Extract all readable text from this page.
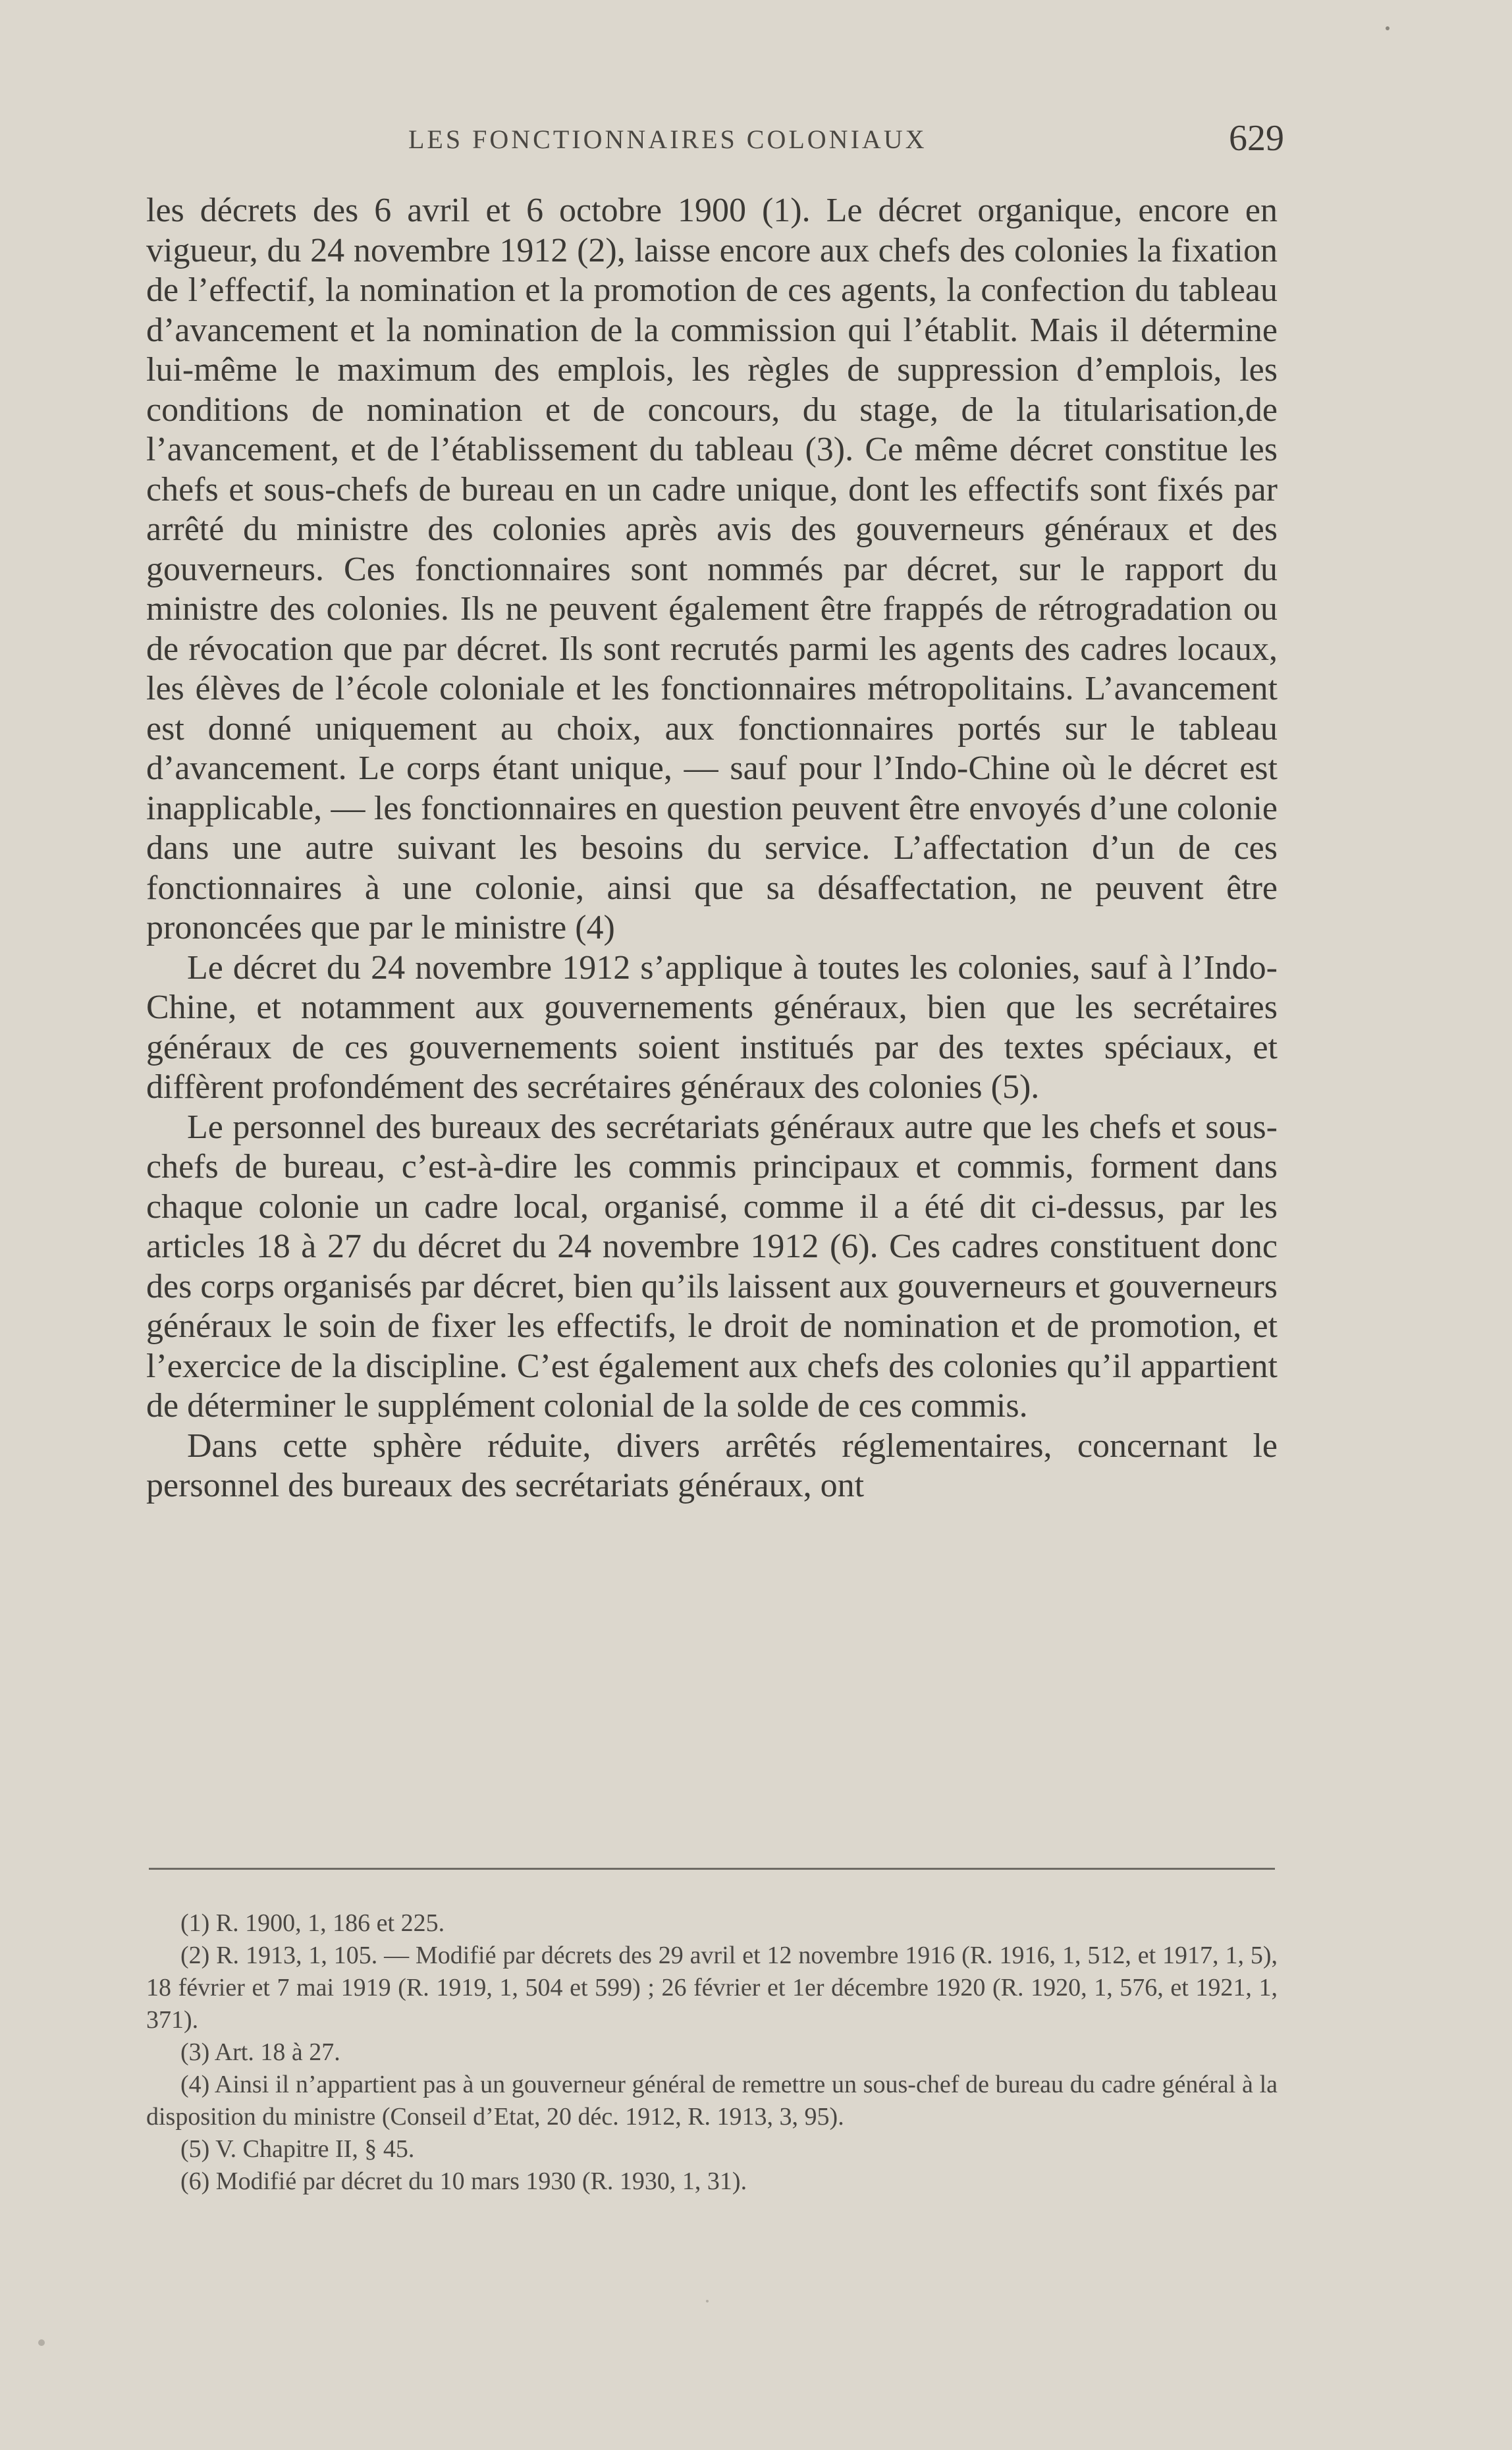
LES FONCTIONNAIRES COLONIAUX	629

les décrets des 6 avril et 6 octobre 1900 (1). Le décret organique, encore en vigueur, du 24 novembre 1912 (2), laisse encore aux chefs des colonies la fixation de l’effectif, la nomination et la promotion de ces agents, la confection du tableau d’avancement et la nomination de la commission qui l’établit. Mais il détermine lui-même le maximum des emplois, les règles de suppression d’emplois, les conditions de nomination et de concours, du stage, de la titularisation,de l’avancement, et de l’établissement du tableau (3). Ce même décret constitue les chefs et sous-chefs de bureau en un cadre unique, dont les effectifs sont fixés par arrêté du ministre des colonies après avis des gouverneurs généraux et des gouverneurs. Ces fonctionnaires sont nommés par décret, sur le rapport du ministre des colonies. Ils ne peuvent également être frappés de rétrogradation ou de révocation que par décret. Ils sont recrutés parmi les agents des cadres locaux, les élèves de l’école coloniale et les fonctionnaires métropolitains. L’avancement est donné uniquement au choix, aux fonctionnaires portés sur le tableau d’avancement. Le corps étant unique, — sauf pour l’Indo-Chine où le décret est inapplicable, — les fonctionnaires en question peuvent être envoyés d’une colonie dans une autre suivant les besoins du service. L’affectation d’un de ces fonctionnaires à une colonie, ainsi que sa désaffectation, ne peuvent être prononcées que par le ministre (4)

Le décret du 24 novembre 1912 s’applique à toutes les colonies, sauf à l’Indo-Chine, et notamment aux gouvernements généraux, bien que les secrétaires généraux de ces gouvernements soient institués par des textes spéciaux, et diffèrent profondément des secrétaires généraux des colonies (5).

Le personnel des bureaux des secrétariats généraux autre que les chefs et sous-chefs de bureau, c’est-à-dire les commis principaux et commis, forment dans chaque colonie un cadre local, organisé, comme il a été dit ci-dessus, par les articles 18 à 27 du décret du 24 novembre 1912 (6). Ces cadres constituent donc des corps organisés par décret, bien qu’ils laissent aux gouverneurs et gouverneurs généraux le soin de fixer les effectifs, le droit de nomination et de promotion, et l’exercice de la discipline. C’est également aux chefs des colonies qu’il appartient de déterminer le supplément colonial de la solde de ces commis.

Dans cette sphère réduite, divers arrêtés réglementaires, concernant le personnel des bureaux des secrétariats généraux, ont

(1) R. 1900, 1, 186 et 225.

(2) R. 1913, 1, 105. — Modifié par décrets des 29 avril et 12 novembre 1916 (R. 1916, 1, 512, et 1917, 1, 5), 18 février et 7 mai 1919 (R. 1919, 1, 504 et 599) ; 26 février et 1er décembre 1920 (R. 1920, 1, 576, et 1921, 1, 371).

(3) Art. 18 à 27.

(4) Ainsi il n’appartient pas à un gouverneur général de remettre un sous-chef de bureau du cadre général à la disposition du ministre (Conseil d’Etat, 20 déc. 1912, R. 1913, 3, 95).

(5) V. Chapitre II, § 45.

(6) Modifié par décret du 10 mars 1930 (R. 1930, 1, 31).
